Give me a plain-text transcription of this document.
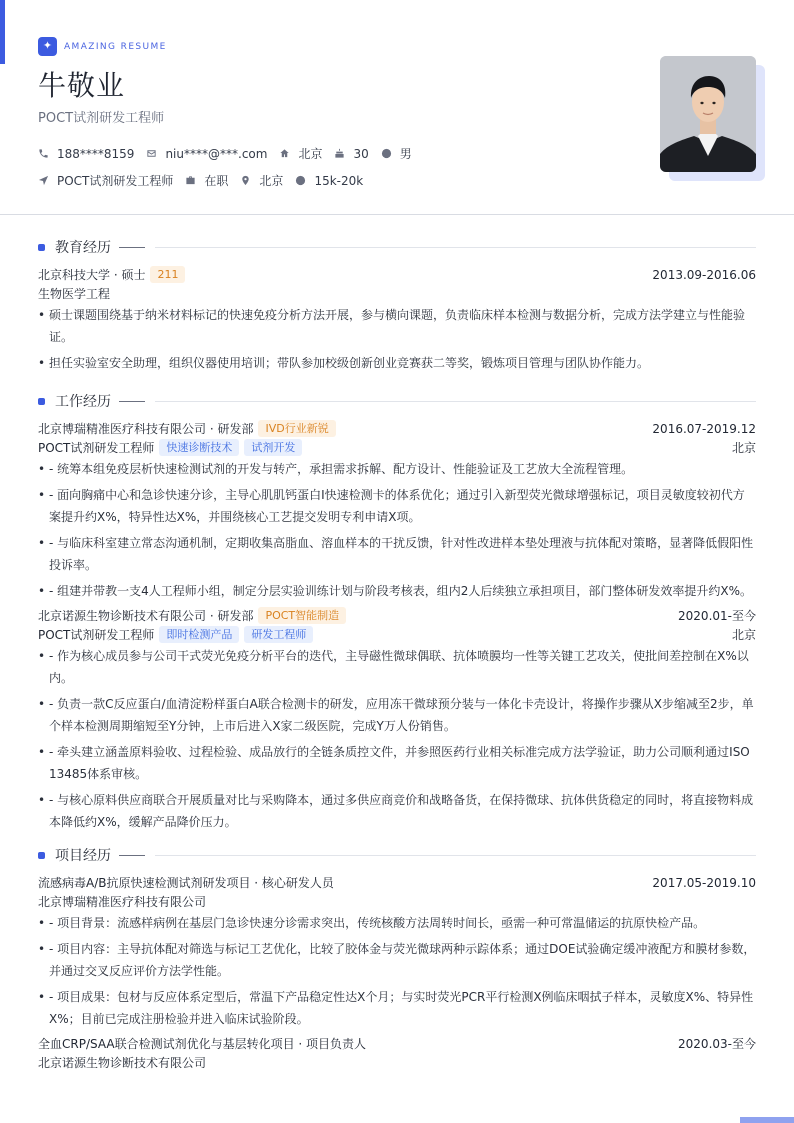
✦	AMAZING RESUME
牛敬业
POCT试剂研发工程师
188****8159	niu****@***.com	北京	30	男
POCT试剂研发工程师	在职	北京	15k-20k
教育经历
北京科技大学 · 硕士	211	2013.09-2016.06
生物医学工程
• 硕士课题围绕基于纳米材料标记的快速免疫分析方法开展，参与横向课题，负责临床样本检测与数据分析，完成方法学建立与性能验证。
• 担任实验室安全助理，组织仪器使用培训；带队参加校级创新创业竞赛获二等奖，锻炼项目管理与团队协作能力。
工作经历
北京博瑞精准医疗科技有限公司 · 研发部	IVD行业新锐	2016.07-2019.12
POCT试剂研发工程师	快速诊断技术	试剂开发	北京
• - 统筹本组免疫层析快速检测试剂的开发与转产，承担需求拆解、配方设计、性能验证及工艺放大全流程管理。
• - 面向胸痛中心和急诊快速分诊，主导心肌肌钙蛋白I快速检测卡的体系优化；通过引入新型荧光微球增强标记，项目灵敏度较初代方案提升约X%，特异性达X%，并围绕核心工艺提交发明专利申请X项。
• - 与临床科室建立常态沟通机制，定期收集高脂血、溶血样本的干扰反馈，针对性改进样本垫处理液与抗体配对策略，显著降低假阳性投诉率。
• - 组建并带教一支4人工程师小组，制定分层实验训练计划与阶段考核表，组内2人后续独立承担项目，部门整体研发效率提升约X%。
北京诺源生物诊断技术有限公司 · 研发部	POCT智能制造	2020.01-至今
POCT试剂研发工程师	即时检测产品	研发工程师	北京
• - 作为核心成员参与公司干式荧光免疫分析平台的迭代，主导磁性微球偶联、抗体喷膜均一性等关键工艺攻关，使批间差控制在X%以内。
• - 负责一款C反应蛋白/血清淀粉样蛋白A联合检测卡的研发，应用冻干微球预分装与一体化卡壳设计，将操作步骤从X步缩减至2步，单个样本检测周期缩短至Y分钟，上市后进入X家二级医院，完成Y万人份销售。
• - 牵头建立涵盖原料验收、过程检验、成品放行的全链条质控文件，并参照医药行业相关标准完成方法学验证，助力公司顺利通过ISO 13485体系审核。
• - 与核心原料供应商联合开展质量对比与采购降本，通过多供应商竞价和战略备货，在保持微球、抗体供货稳定的同时，将直接物料成本降低约X%，缓解产品降价压力。
项目经历
流感病毒A/B抗原快速检测试剂研发项目 · 核心研发人员	2017.05-2019.10
北京博瑞精准医疗科技有限公司
• - 项目背景：流感样病例在基层门急诊快速分诊需求突出，传统核酸方法周转时间长，亟需一种可常温储运的抗原快检产品。
• - 项目内容：主导抗体配对筛选与标记工艺优化，比较了胶体金与荧光微球两种示踪体系；通过DOE试验确定缓冲液配方和膜材参数，并通过交叉反应评价方法学性能。
• - 项目成果：包材与反应体系定型后，常温下产品稳定性达X个月；与实时荧光PCR平行检测X例临床咽拭子样本，灵敏度X%、特异性X%；目前已完成注册检验并进入临床试验阶段。
全血CRP/SAA联合检测试剂优化与基层转化项目 · 项目负责人	2020.03-至今
北京诺源生物诊断技术有限公司
